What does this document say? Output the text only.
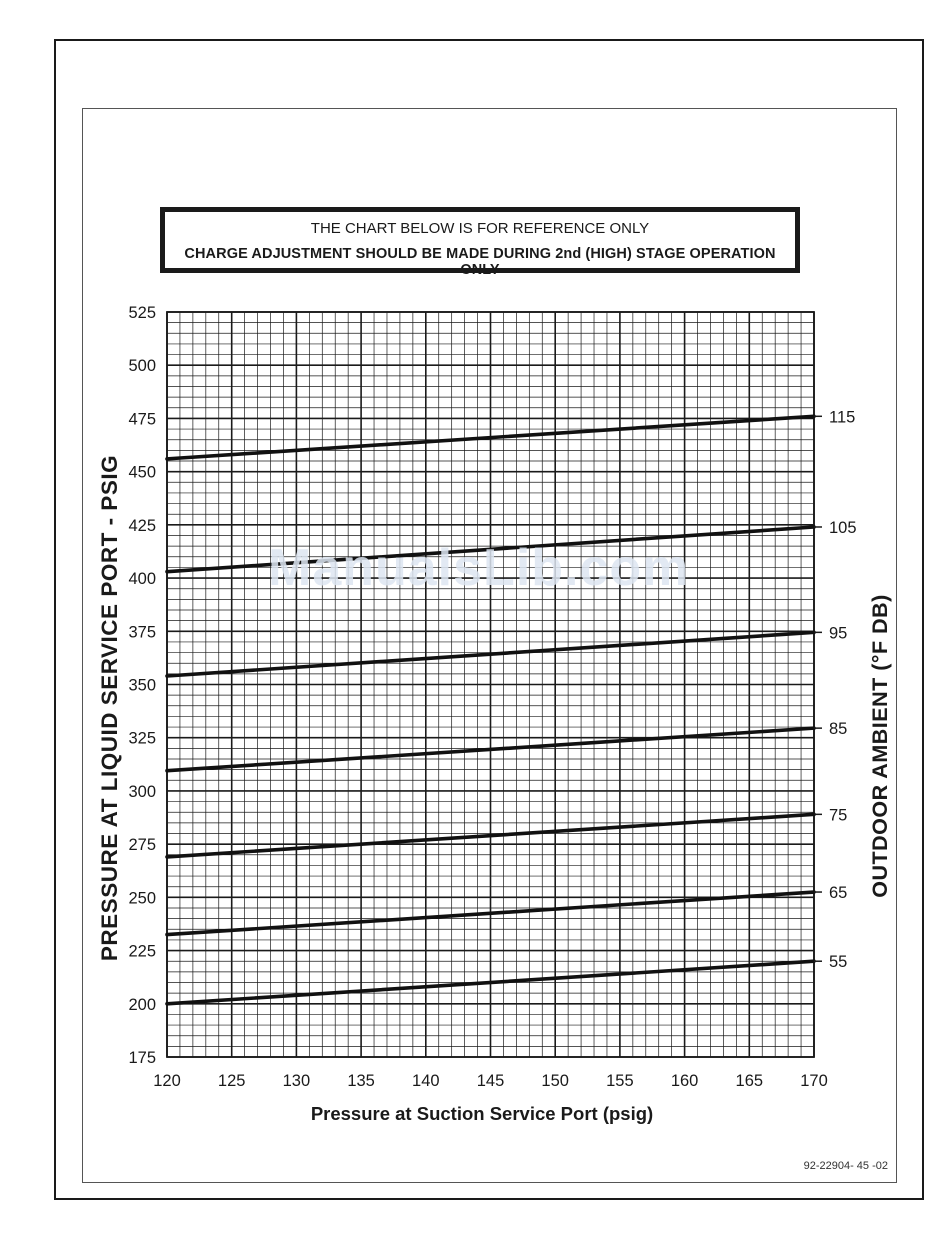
THE CHART BELOW IS FOR REFERENCE ONLY
CHARGE ADJUSTMENT SHOULD BE MADE DURING 2nd (HIGH) STAGE OPERATION ONLY
175
200
225
250
275
300
325
350
375
400
425
450
475
500
525
120 125 130 135 140 145 150 155 160 165 170
115
105
95
85
75
65
55
PRESSURE AT LIQUID SERVICE PORT - PSIG	OUTDOOR AMBIENT (°F DB)
Pressure at Suction Service Port (psig)
ManualsLib.com
92-22904- 45 -02
